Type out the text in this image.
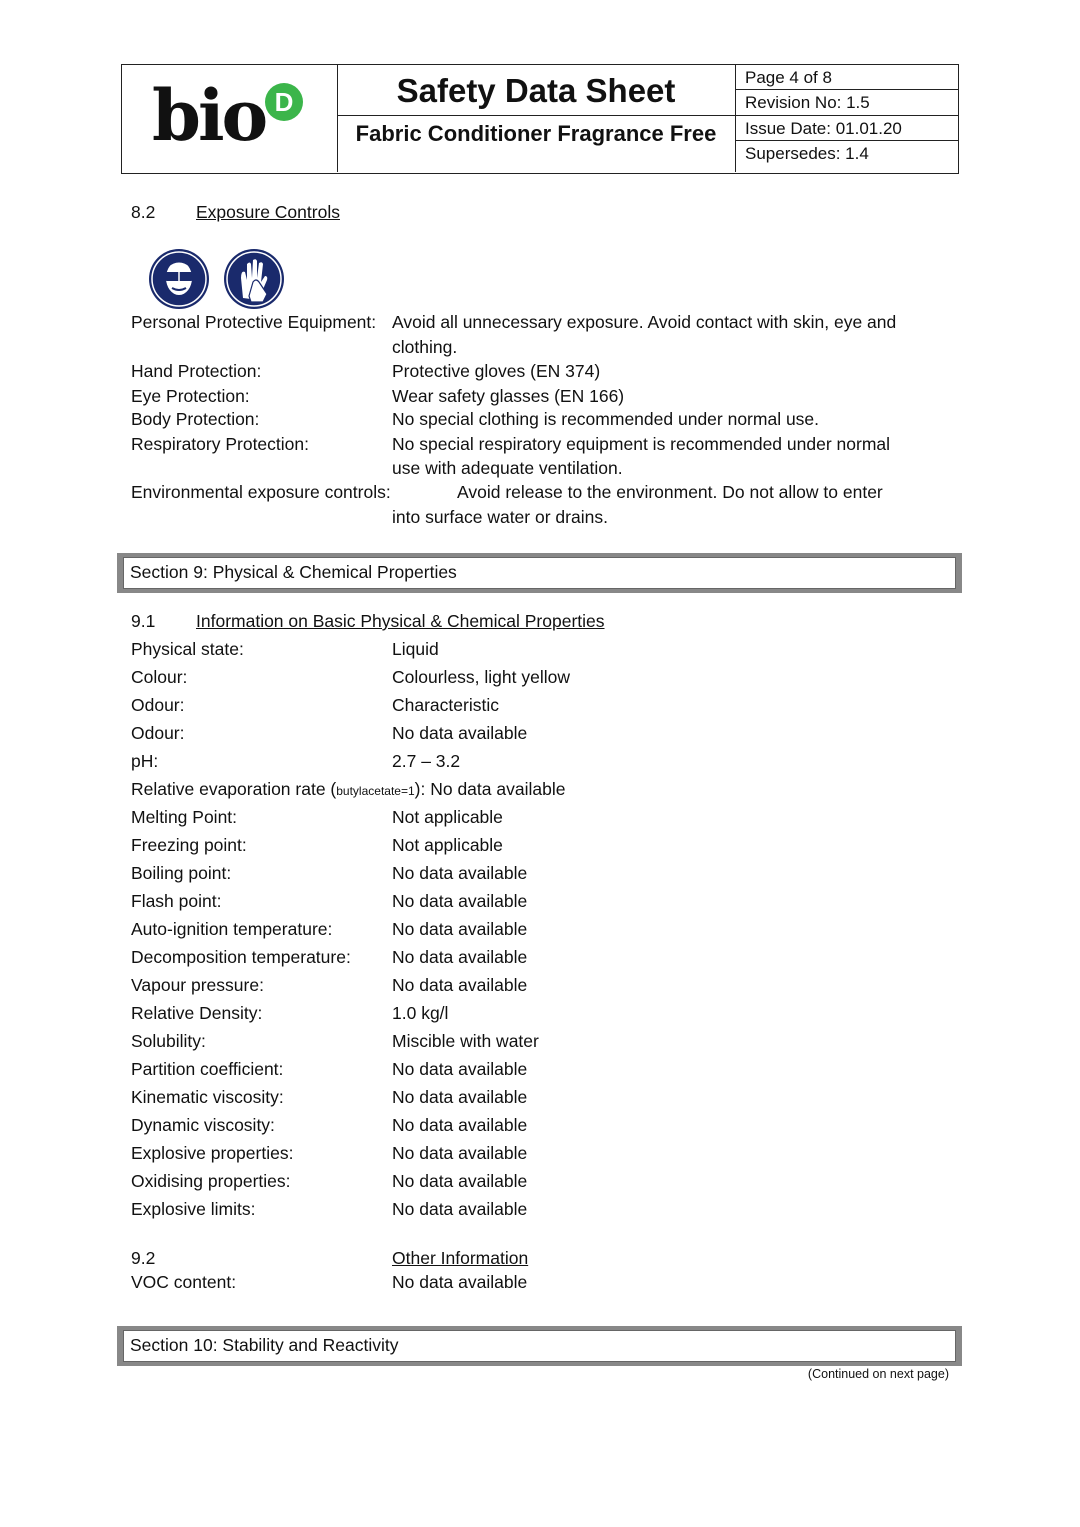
bio D	Safety Data Sheet
Fabric Conditioner Fragrance Free
Page 4 of 8
Revision No: 1.5
Issue Date: 01.01.20
Supersedes: 1.4
8.2 Exposure Controls
Personal Protective Equipment: Avoid all unnecessary exposure. Avoid contact with skin, eye and
clothing.
Hand Protection:	Protective gloves (EN 374)
Eye Protection:	Wear safety glasses (EN 166)
Body Protection:	No special clothing is recommended under normal use.
Respiratory Protection:	No special respiratory equipment is recommended under normal
use with adequate ventilation.
Environmental exposure controls:	Avoid release to the environment. Do not allow to enter
into surface water or drains.
Section 9: Physical & Chemical Properties
9.1 Information on Basic Physical & Chemical Properties
Physical state:	Liquid
Colour:	Colourless, light yellow
Odour:	Characteristic
Odour:	No data available
pH:	2.7 – 3.2
Relative evaporation rate (butylacetate=1): No data available
Melting Point:	Not applicable
Freezing point:	Not applicable
Boiling point:	No data available
Flash point:	No data available
Auto-ignition temperature:	No data available
Decomposition temperature: No data available
Vapour pressure:	No data available
Relative Density:	1.0 kg/l
Solubility:	Miscible with water
Partition coefficient:	No data available
Kinematic viscosity:	No data available
Dynamic viscosity:	No data available
Explosive properties:	No data available
Oxidising properties:	No data available
Explosive limits:	No data available
9.2	Other Information
VOC content:	No data available
Section 10: Stability and Reactivity
(Continued on next page)
